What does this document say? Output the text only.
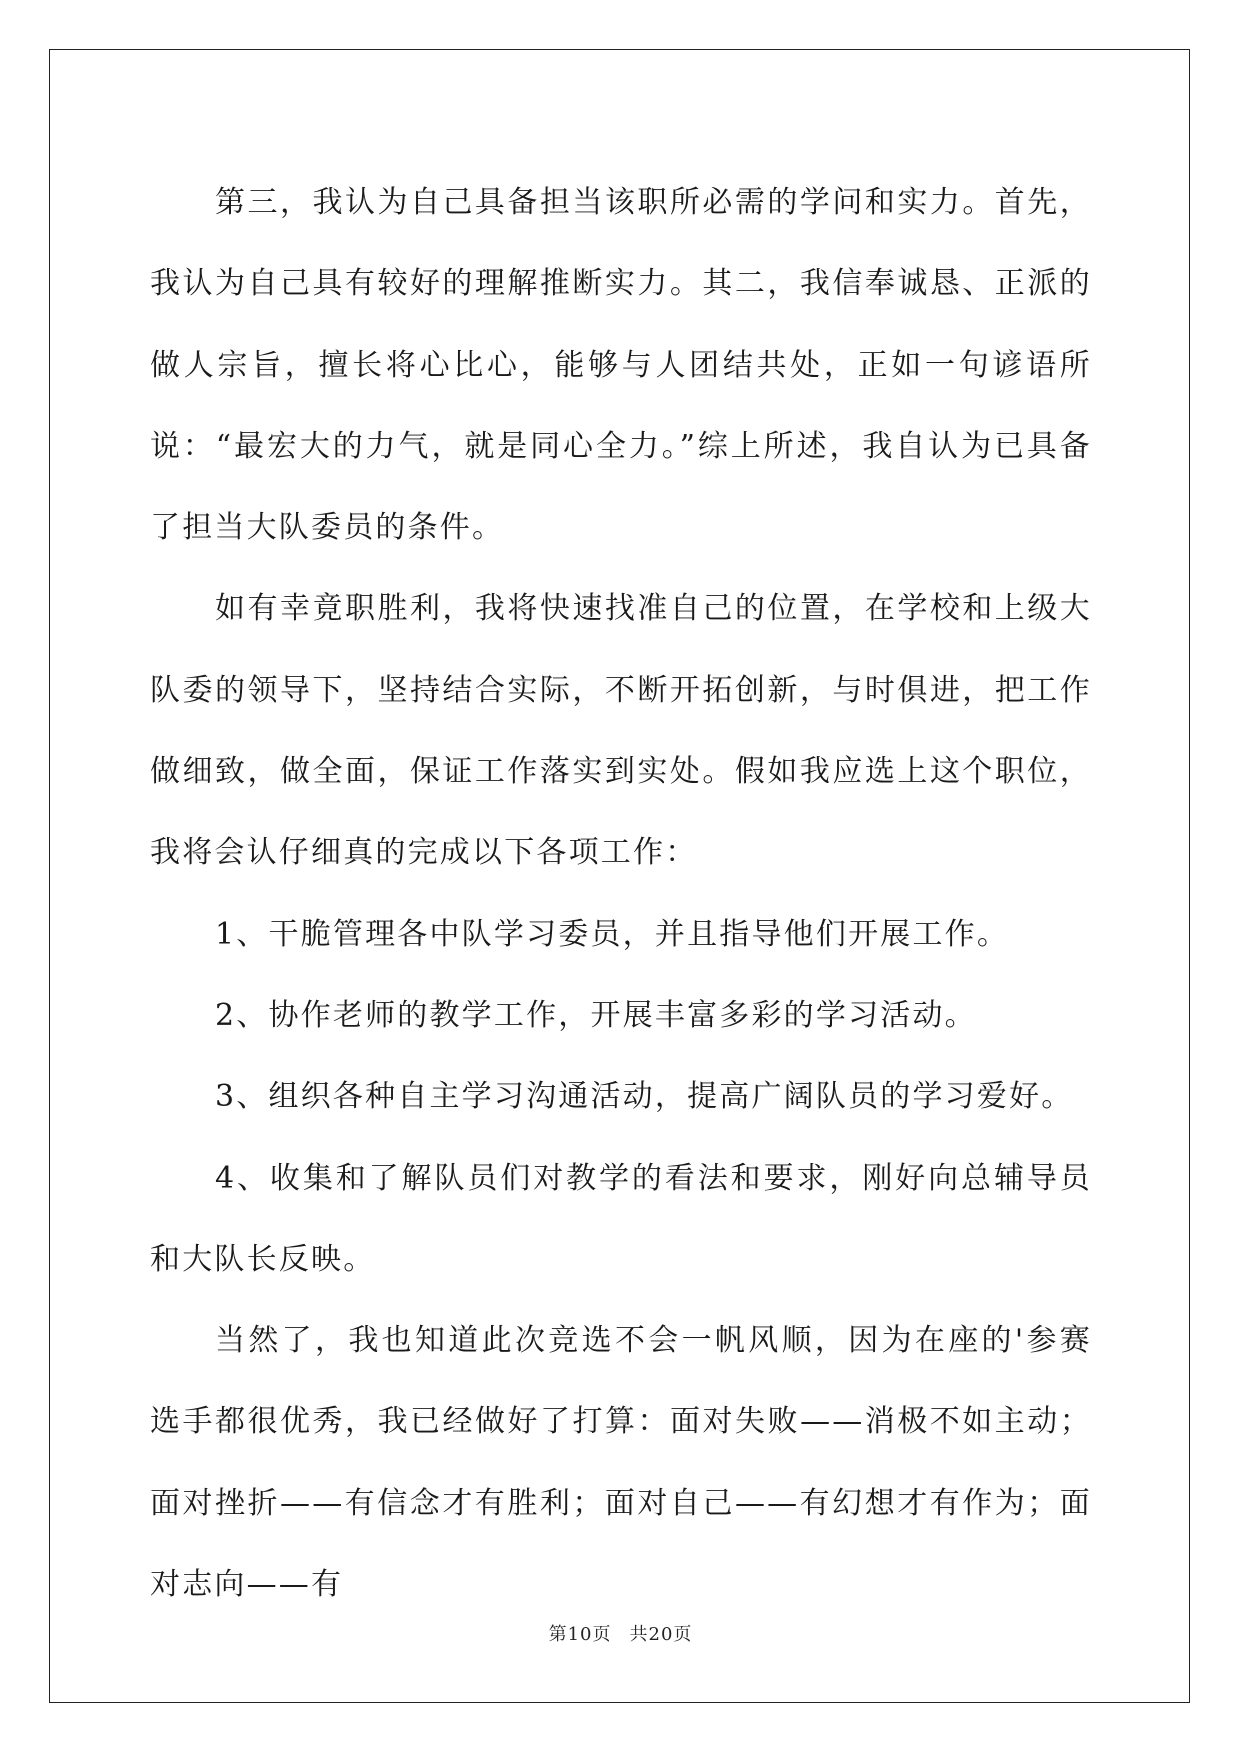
第三，我认为自己具备担当该职所必需的学问和实力。首先，我认为自己具有较好的理解推断实力。其二，我信奉诚恳、正派的做人宗旨，擅长将心比心，能够与人团结共处，正如一句谚语所说：“最宏大的力气，就是同心全力。”综上所述，我自认为已具备了担当大队委员的条件。

如有幸竟职胜利，我将快速找准自己的位置，在学校和上级大队委的领导下，坚持结合实际，不断开拓创新，与时俱进，把工作做细致，做全面，保证工作落实到实处。假如我应选上这个职位，我将会认仔细真的完成以下各项工作：

1、干脆管理各中队学习委员，并且指导他们开展工作。

2、协作老师的教学工作，开展丰富多彩的学习活动。

3、组织各种自主学习沟通活动，提高广阔队员的学习爱好。

4、收集和了解队员们对教学的看法和要求，刚好向总辅导员和大队长反映。

当然了，我也知道此次竞选不会一帆风顺，因为在座的'参赛选手都很优秀，我已经做好了打算：面对失败——消极不如主动；面对挫折——有信念才有胜利；面对自己——有幻想才有作为；面对志向——有

第10页 共20页
